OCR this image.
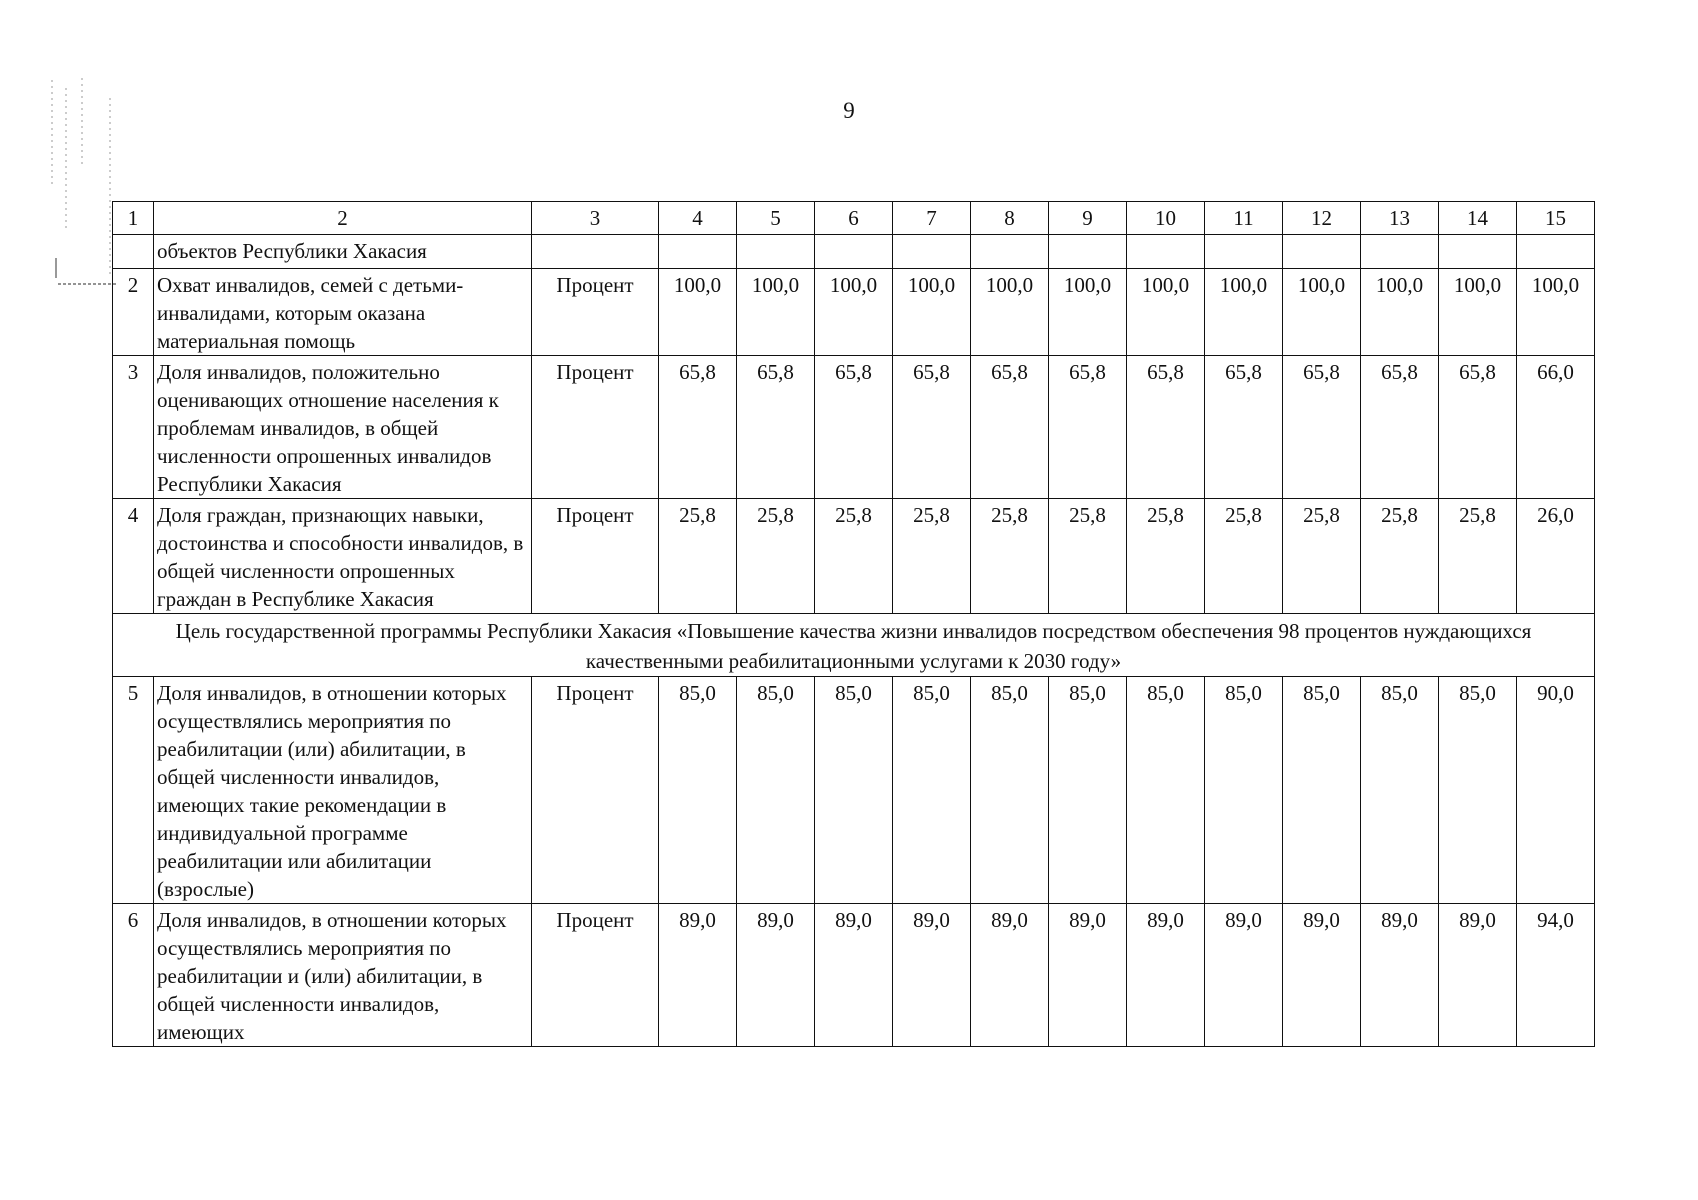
9
1	2	3	4	5	6	7	8	9	10	11	12	13	14	15
	объектов Республики Хакасия													
2	Охват инвалидов, семей с детьми-инвалидами, которым оказана материальная помощь	Процент	100,0	100,0	100,0	100,0	100,0	100,0	100,0	100,0	100,0	100,0	100,0	100,0
3	Доля инвалидов, положительно оценивающих отношение населения к проблемам инвалидов, в общей численности опрошенных инвалидов Республики Хакасия	Процент	65,8	65,8	65,8	65,8	65,8	65,8	65,8	65,8	65,8	65,8	65,8	66,0
4	Доля граждан, признающих навыки, достоинства и способности инвалидов, в общей численности опрошенных граждан в Республике Хакасия	Процент	25,8	25,8	25,8	25,8	25,8	25,8	25,8	25,8	25,8	25,8	25,8	26,0
Цель государственной программы Республики Хакасия «Повышение качества жизни инвалидов посредством обеспечения 98 процентов нуждающихся качественными реабилитационными услугами к 2030 году»														
5	Доля инвалидов, в отношении которых осуществлялись мероприятия по реабилитации (или) абилитации, в общей численности инвалидов, имеющих такие рекомендации в индивидуальной программе реабилитации или абилитации (взрослые)	Процент	85,0	85,0	85,0	85,0	85,0	85,0	85,0	85,0	85,0	85,0	85,0	90,0
6	Доля инвалидов, в отношении которых осуществлялись мероприятия по реабилитации и (или) абилитации, в общей численности инвалидов, имеющих	Процент	89,0	89,0	89,0	89,0	89,0	89,0	89,0	89,0	89,0	89,0	89,0	94,0
